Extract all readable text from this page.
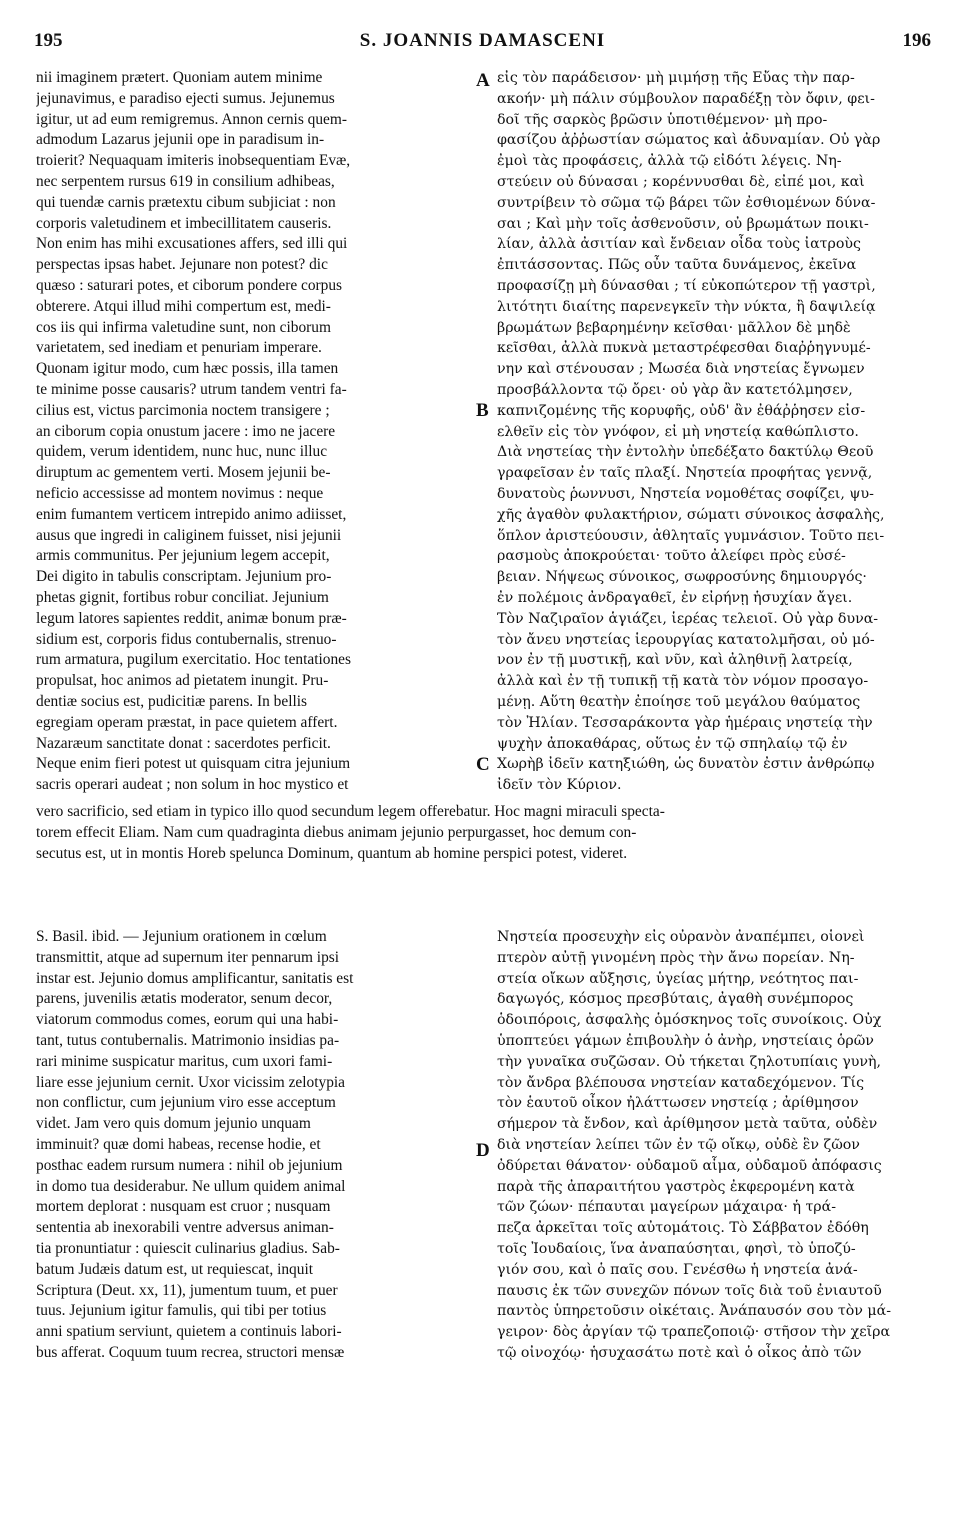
195	S. JOANNIS DAMASCENI	196
A
B
C
D
nii imaginem prætert. Quoniam autem minime
jejunavimus, e paradiso ejecti sumus. Jejunemus
igitur, ut ad eum remigremus. Annon cernis quem-
admodum Lazarus jejunii ope in paradisum in-
troierit? Nequaquam imiteris inobsequentiam Evæ,
nec serpentem rursus 619 in consilium adhibeas,
qui tuendæ carnis prætextu cibum subjiciat : non
corporis valetudinem et imbecillitatem causeris.
Non enim has mihi excusationes affers, sed illi qui
perspectas ipsas habet. Jejunare non potest? dic
quæso : saturari potes, et ciborum pondere corpus
obterere. Atqui illud mihi compertum est, medi-
cos iis qui infirma valetudine sunt, non ciborum
varietatem, sed inediam et penuriam imperare.
Quonam igitur modo, cum hæc possis, illa tamen
te minime posse causaris? utrum tandem ventri fa-
cilius est, victus parcimonia noctem transigere ;
an ciborum copia onustum jacere : imo ne jacere
quidem, verum identidem, nunc huc, nunc illuc
diruptum ac gementem verti. Mosem jejunii be-
neficio accessisse ad montem novimus : neque
enim fumantem verticem intrepido animo adiisset,
ausus que ingredi in caliginem fuisset, nisi jejunii
armis communitus. Per jejunium legem accepit,
Dei digito in tabulis conscriptam. Jejunium pro-
phetas gignit, fortibus robur conciliat. Jejunium
legum latores sapientes reddit, animæ bonum præ-
sidium est, corporis fidus contubernalis, strenuo-
rum armatura, pugilum exercitatio. Hoc tentationes
propulsat, hoc animos ad pietatem inungit. Pru-
dentiæ socius est, pudicitiæ parens. In bellis
egregiam operam præstat, in pace quietem affert.
Nazaræum sanctitate donat : sacerdotes perficit.
Neque enim fieri potest ut quisquam citra jejunium
sacris operari audeat ; non solum in hoc mystico et
εἰς τὸν παράδεισον· μὴ μιμήσῃ τῆς Εὔας τὴν παρ-
ακοήν· μὴ πάλιν σύμβουλον παραδέξῃ τὸν ὄφιν, φει-
δοῖ τῆς σαρκὸς βρῶσιν ὑποτιθέμενον· μὴ προ-
φασίζου ἀῤῥωστίαν σώματος καὶ ἀδυναμίαν. Οὐ γὰρ
ἐμοὶ τὰς προφάσεις, ἀλλὰ τῷ εἰδότι λέγεις. Νη-
στεύειν οὐ δύνασαι ; κορέννυσθαι δὲ, εἰπέ μοι, καὶ
συντρίβειν τὸ σῶμα τῷ βάρει τῶν ἐσθιομένων δύνα-
σαι ; Καὶ μὴν τοῖς ἀσθενοῦσιν, οὐ βρωμάτων ποικι-
λίαν, ἀλλὰ ἀσιτίαν καὶ ἔνδειαν οἶδα τοὺς ἰατροὺς
ἐπιτάσσοντας. Πῶς οὖν ταῦτα δυνάμενος, ἐκεῖνα
προφασίζῃ μὴ δύνασθαι ; τί εὐκοπώτερον τῇ γαστρὶ,
λιτότητι διαίτης παρενεγκεῖν τὴν νύκτα, ἢ δαψιλείᾳ
βρωμάτων βεβαρημένην κεῖσθαι· μᾶλλον δὲ μηδὲ
κεῖσθαι, ἀλλὰ πυκνὰ μεταστρέφεσθαι διαῤῥηγνυμέ-
νην καὶ στένουσαν ; Μωσέα διὰ νηστείας ἔγνωμεν
προσβάλλοντα τῷ ὄρει· οὐ γὰρ ἂν κατετόλμησεν,
καπνιζομένης τῆς κορυφῆς, οὐδ' ἂν ἐθάῤῥησεν εἰσ-
ελθεῖν εἰς τὸν γνόφον, εἰ μὴ νηστείᾳ καθώπλιστο.
Διὰ νηστείας τὴν ἐντολὴν ὑπεδέξατο δακτύλῳ Θεοῦ
γραφεῖσαν ἐν ταῖς πλαξί. Νηστεία προφήτας γεννᾷ,
δυνατοὺς ῥωννυσι, Νηστεία νομοθέτας σοφίζει, ψυ-
χῆς ἀγαθὸν φυλακτήριον, σώματι σύνοικος ἀσφαλὴς,
ὅπλον ἀριστεύουσιν, ἀθληταῖς γυμνάσιον. Τοῦτο πει-
ρασμοὺς ἀποκρούεται· τοῦτο ἀλείφει πρὸς εὐσέ-
βειαν. Νήψεως σύνοικος, σωφροσύνης δημιουργός·
ἐν πολέμοις ἀνδραγαθεῖ, ἐν εἰρήνῃ ἡσυχίαν ἄγει.
Τὸν Ναζιραῖον ἁγιάζει, ἱερέας τελειοῖ. Οὐ γὰρ δυνα-
τὸν ἄνευ νηστείας ἱερουργίας κατατολμῆσαι, οὐ μό-
νον ἐν τῇ μυστικῇ, καὶ νῦν, καὶ ἀληθινῇ λατρείᾳ,
ἀλλὰ καὶ ἐν τῇ τυπικῇ τῇ κατὰ τὸν νόμον προσαγο-
μένῃ. Αὕτη θεατὴν ἐποίησε τοῦ μεγάλου θαύματος
τὸν Ἠλίαν. Τεσσαράκοντα γὰρ ἡμέραις νηστείᾳ τὴν
ψυχὴν ἀποκαθάρας, οὕτως ἐν τῷ σπηλαίῳ τῷ ἐν
Χωρὴβ ἰδεῖν κατηξιώθη, ὡς δυνατὸν ἐστιν ἀνθρώπῳ
ἰδεῖν τὸν Κύριον.
vero sacrificio, sed etiam in typico illo quod secundum legem offerebatur. Hoc magni miraculi specta-
torem effecit Eliam. Nam cum quadraginta diebus animam jejunio perpurgasset, hoc demum con-
secutus est, ut in montis Horeb spelunca Dominum, quantum ab homine perspici potest, videret.
S. Basil. ibid. — Jejunium orationem in cœlum
transmittit, atque ad supernum iter pennarum ipsi
instar est. Jejunio domus amplificantur, sanitatis est
parens, juvenilis ætatis moderator, senum decor,
viatorum commodus comes, eorum qui una habi-
tant, tutus contubernalis. Matrimonio insidias pa-
rari minime suspicatur maritus, cum uxori fami-
liare esse jejunium cernit. Uxor vicissim zelotypia
non conflictur, cum jejunium viro esse acceptum
videt. Jam vero quis domum jejunio unquam
imminuit? quæ domi habeas, recense hodie, et
posthac eadem rursum numera : nihil ob jejunium
in domo tua desiderabur. Ne ullum quidem animal
mortem deplorat : nusquam est cruor ; nusquam
sententia ab inexorabili ventre adversus animan-
tia pronuntiatur : quiescit culinarius gladius. Sab-
batum Judæis datum est, ut requiescat, inquit
Scriptura (Deut. xx, 11), jumentum tuum, et puer
tuus. Jejunium igitur famulis, qui tibi per totius
anni spatium serviunt, quietem a continuis labori-
bus afferat. Coquum tuum recrea, structori mensæ
Νηστεία προσευχὴν εἰς οὐρανὸν ἀναπέμπει, οἱονεὶ
πτερὸν αὐτῇ γινομένη πρὸς τὴν ἄνω πορείαν. Νη-
στεία οἴκων αὔξησις, ὑγείας μήτηρ, νεότητος παι-
δαγωγός, κόσμος πρεσβύταις, ἀγαθὴ συνέμπορος
ὁδοιπόροις, ἀσφαλὴς ὁμόσκηνος τοῖς συνοίκοις. Οὐχ
ὑποπτεύει γάμων ἐπιβουλὴν ὁ ἀνὴρ, νηστείαις ὁρῶν
τὴν γυναῖκα συζῶσαν. Οὐ τήκεται ζηλοτυπίαις γυνὴ,
τὸν ἄνδρα βλέπουσα νηστείαν καταδεχόμενον. Τίς
τὸν ἑαυτοῦ οἶκον ἠλάττωσεν νηστείᾳ ; ἀρίθμησον
σήμερον τὰ ἔνδον, καὶ ἀρίθμησον μετὰ ταῦτα, οὐδὲν
διὰ νηστείαν λείπει τῶν ἐν τῷ οἴκῳ, οὐδὲ ἓν ζῶον
ὀδύρεται θάνατον· οὐδαμοῦ αἷμα, οὐδαμοῦ ἀπόφασις
παρὰ τῆς ἀπαραιτήτου γαστρὸς ἐκφερομένη κατὰ
τῶν ζώων· πέπαυται μαγείρων μάχαιρα· ἡ τρά-
πεζα ἀρκεῖται τοῖς αὐτομάτοις. Τὸ Σάββατον ἐδόθη
τοῖς Ἰουδαίοις, ἵνα ἀναπαύσηται, φησὶ, τὸ ὑποζύ-
γιόν σου, καὶ ὁ παῖς σου. Γενέσθω ἡ νηστεία ἀνά-
παυσις ἐκ τῶν συνεχῶν πόνων τοῖς διὰ τοῦ ἐνιαυτοῦ
παντὸς ὑπηρετοῦσιν οἰκέταις. Ἀνάπαυσόν σου τὸν μά-
γειρον· δὸς ἀργίαν τῷ τραπεζοποιῷ· στῆσον τὴν χεῖρα
τῷ οἰνοχόῳ· ἡσυχασάτω ποτὲ καὶ ὁ οἶκος ἀπὸ τῶν
